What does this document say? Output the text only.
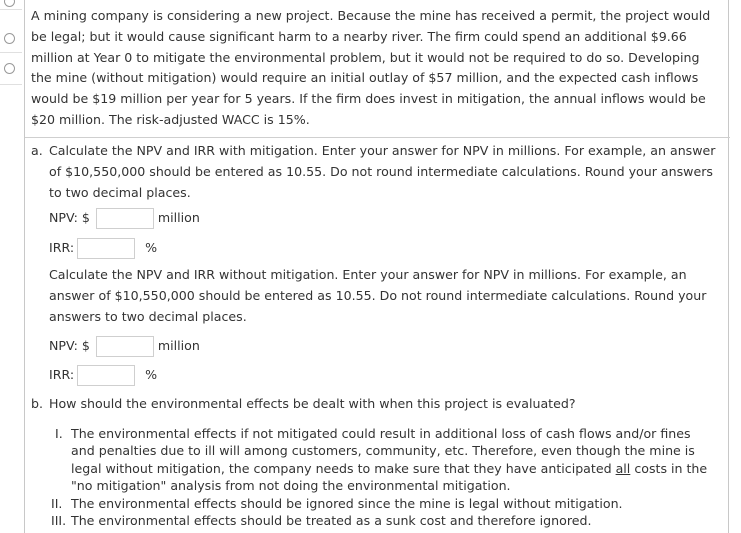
A mining company is considering a new project. Because the mine has received a permit, the project would be legal; but it would cause significant harm to a nearby river. The firm could spend an additional $9.66 million at Year 0 to mitigate the environmental problem, but it would not be required to do so. Developing the mine (without mitigation) would require an initial outlay of $57 million, and the expected cash inflows would be $19 million per year for 5 years. If the firm does invest in mitigation, the annual inflows would be $20 million. The risk-adjusted WACC is 15%.
a. Calculate the NPV and IRR with mitigation. Enter your answer for NPV in millions. For example, an answer of $10,550,000 should be entered as 10.55. Do not round intermediate calculations. Round your answers to two decimal places.
NPV: $	million
IRR:	%
Calculate the NPV and IRR without mitigation. Enter your answer for NPV in millions. For example, an answer of $10,550,000 should be entered as 10.55. Do not round intermediate calculations. Round your answers to two decimal places.
NPV: $	million
IRR:	%
b. How should the environmental effects be dealt with when this project is evaluated?
I. The environmental effects if not mitigated could result in additional loss of cash flows and/or fines and penalties due to ill will among customers, community, etc. Therefore, even though the mine is legal without mitigation, the company needs to make sure that they have anticipated all costs in the "no mitigation" analysis from not doing the environmental mitigation.
II. The environmental effects should be ignored since the mine is legal without mitigation.
III. The environmental effects should be treated as a sunk cost and therefore ignored.
